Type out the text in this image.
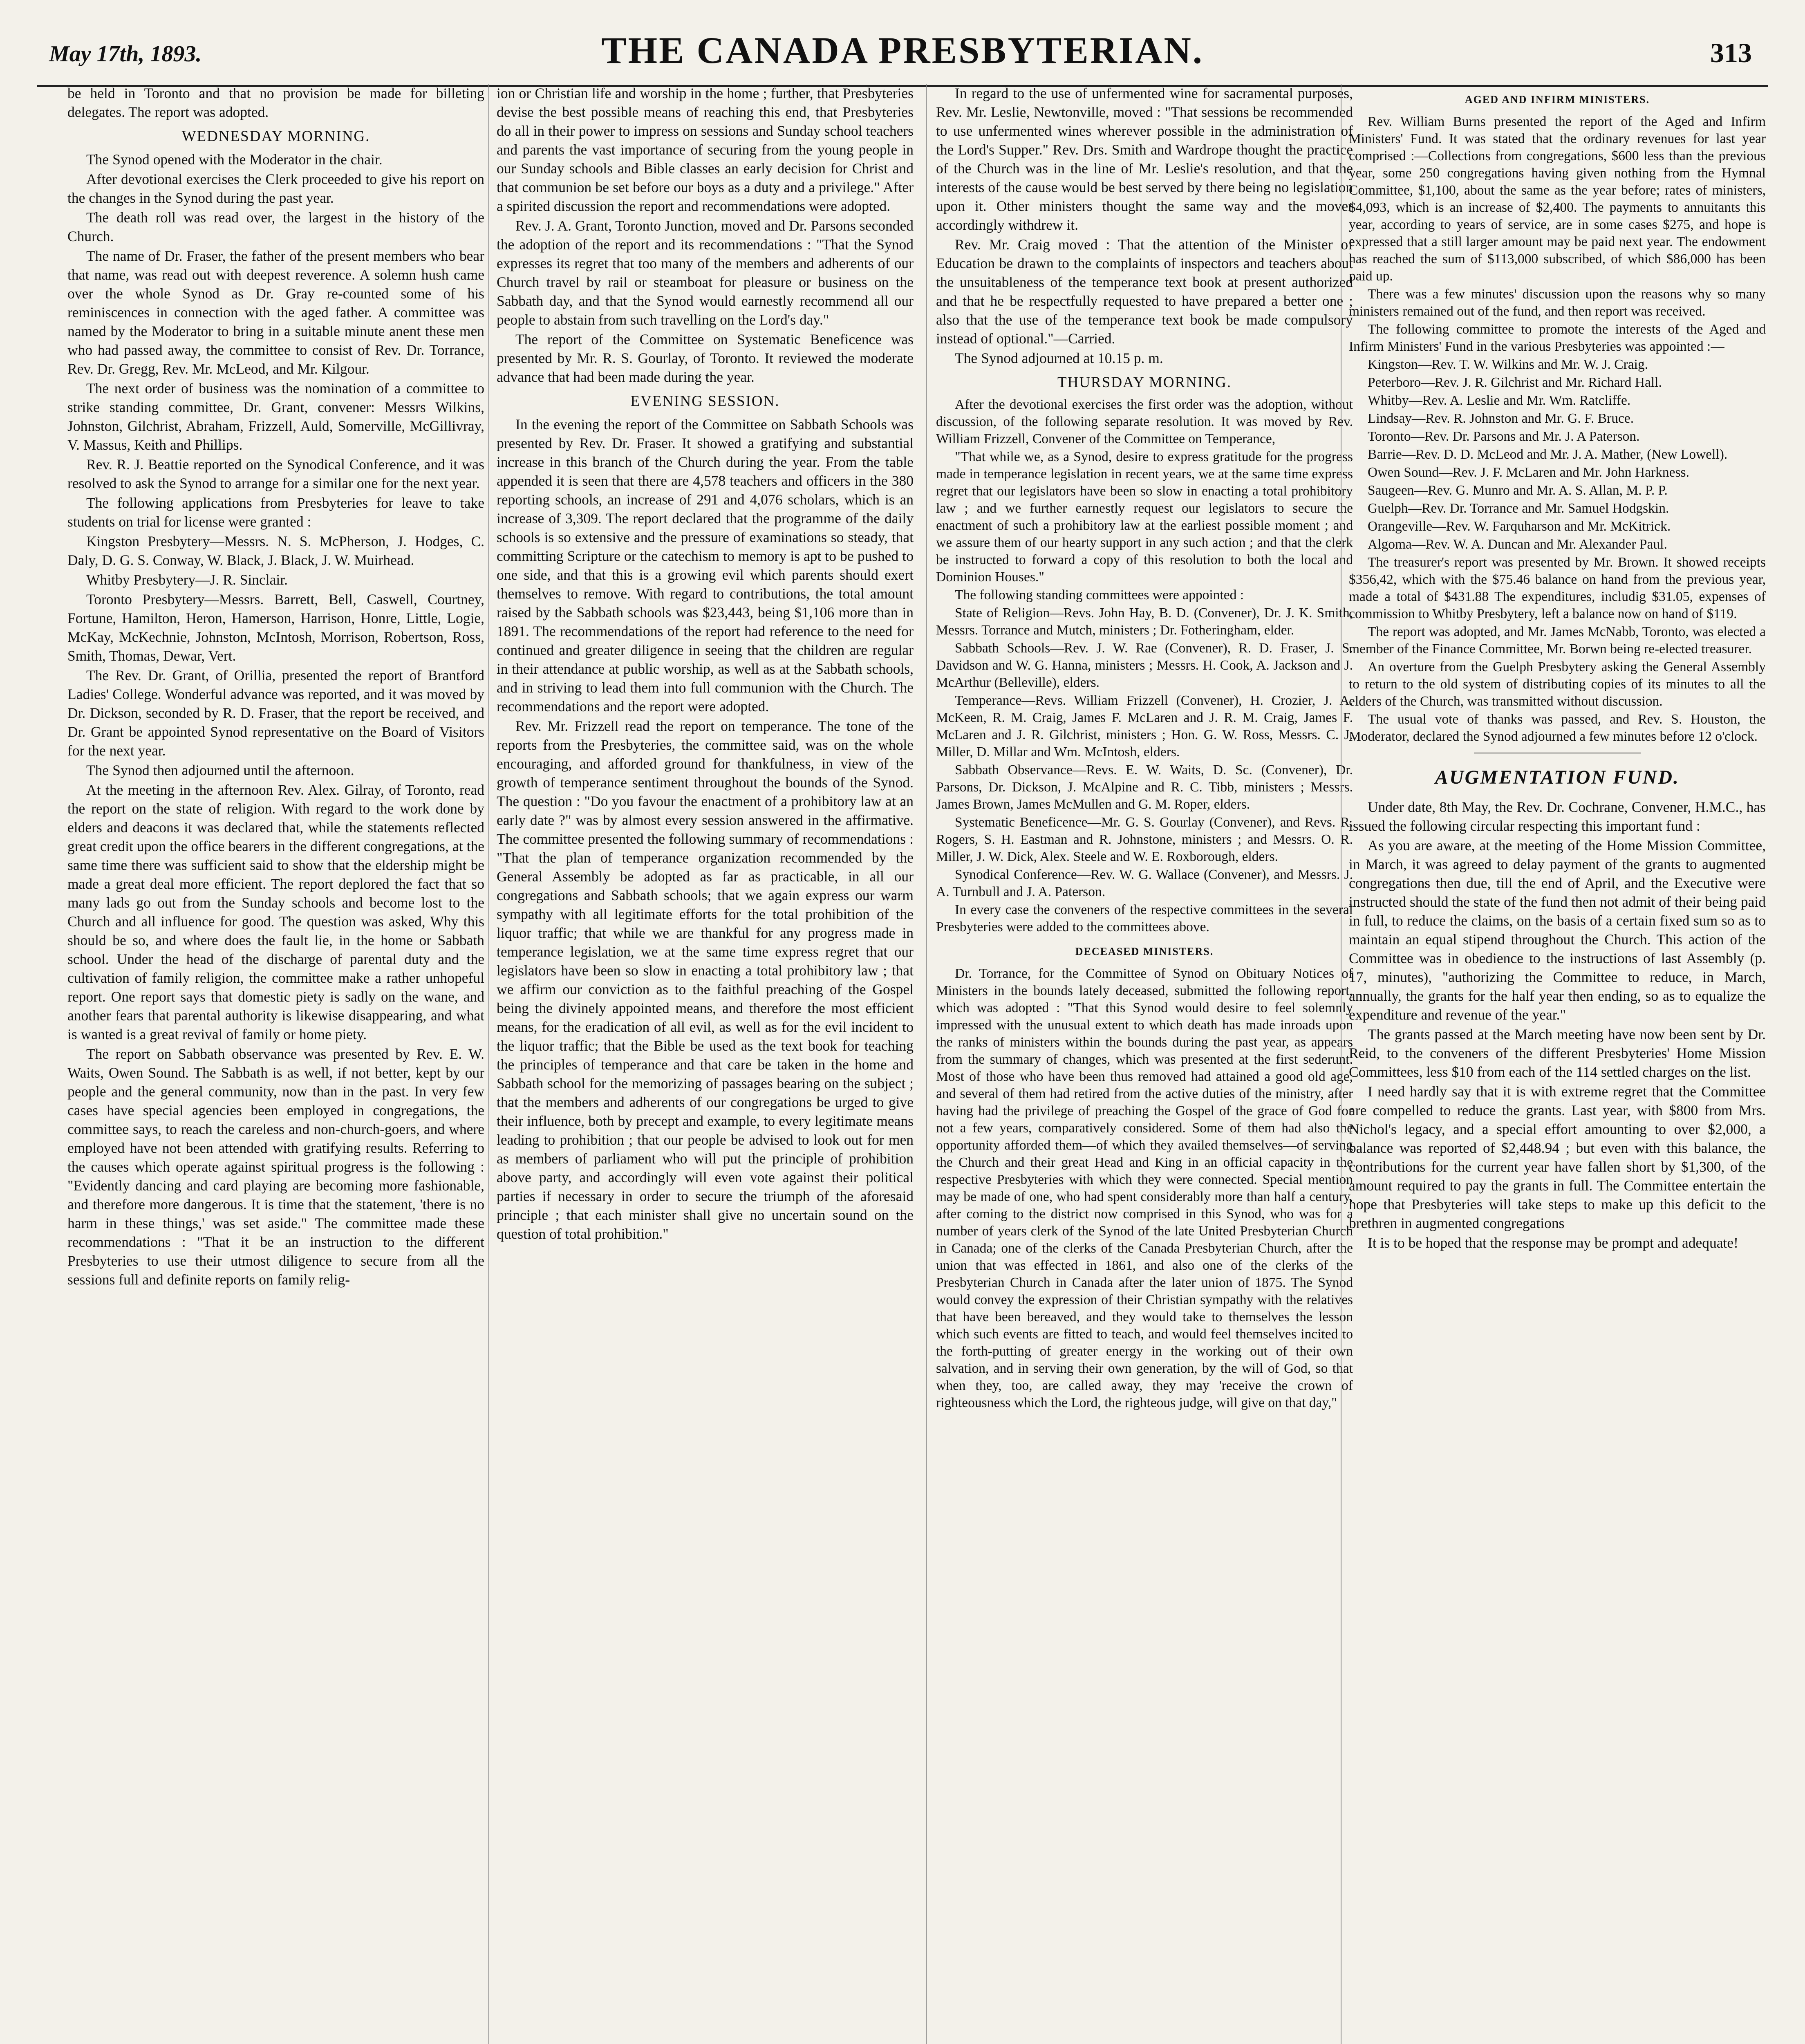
May 17th, 1893.	THE CANADA PRESBYTERIAN.	313

be held in Toronto and that no provision be made for billeting delegates. The report was adopted.

WEDNESDAY MORNING.

The Synod opened with the Moderator in the chair.

After devotional exercises the Clerk proceeded to give his report on the changes in the Synod during the past year.

The death roll was read over, the largest in the history of the Church.

The name of Dr. Fraser, the father of the present members who bear that name, was read out with deepest reverence. A solemn hush came over the whole Synod as Dr. Gray re-counted some of his reminiscences in connection with the aged father. A committee was named by the Moderator to bring in a suitable minute anent these men who had passed away, the committee to consist of Rev. Dr. Torrance, Rev. Dr. Gregg, Rev. Mr. McLeod, and Mr. Kilgour.

The next order of business was the nomination of a committee to strike standing committee, Dr. Grant, convener: Messrs Wilkins, Johnston, Gilchrist, Abraham, Frizzell, Auld, Somerville, McGillivray, V. Massus, Keith and Phillips.

Rev. R. J. Beattie reported on the Synodical Conference, and it was resolved to ask the Synod to arrange for a similar one for the next year.

The following applications from Presbyteries for leave to take students on trial for license were granted :

Kingston Presbytery—Messrs. N. S. McPherson, J. Hodges, C. Daly, D. G. S. Conway, W. Black, J. Black, J. W. Muirhead.

Whitby Presbytery—J. R. Sinclair.

Toronto Presbytery—Messrs. Barrett, Bell, Caswell, Courtney, Fortune, Hamilton, Heron, Hamerson, Harrison, Honre, Little, Logie, McKay, McKechnie, Johnston, McIntosh, Morrison, Robertson, Ross, Smith, Thomas, Dewar, Vert.

The Rev. Dr. Grant, of Orillia, presented the report of Brantford Ladies' College. Wonderful advance was reported, and it was moved by Dr. Dickson, seconded by R. D. Fraser, that the report be received, and Dr. Grant be appointed Synod representative on the Board of Visitors for the next year.

The Synod then adjourned until the afternoon.

At the meeting in the afternoon Rev. Alex. Gilray, of Toronto, read the report on the state of religion. With regard to the work done by elders and deacons it was declared that, while the statements reflected great credit upon the office bearers in the different congregations, at the same time there was sufficient said to show that the eldership might be made a great deal more efficient. The report deplored the fact that so many lads go out from the Sunday schools and become lost to the Church and all influence for good. The question was asked, Why this should be so, and where does the fault lie, in the home or Sabbath school. Under the head of the discharge of parental duty and the cultivation of family religion, the committee make a rather unhopeful report. One report says that domestic piety is sadly on the wane, and another fears that parental authority is likewise disappearing, and what is wanted is a great revival of family or home piety.

The report on Sabbath observance was presented by Rev. E. W. Waits, Owen Sound. The Sabbath is as well, if not better, kept by our people and the general community, now than in the past. In very few cases have special agencies been employed in congregations, the committee says, to reach the careless and non-church-goers, and where employed have not been attended with gratifying results. Referring to the causes which operate against spiritual progress is the following : "Evidently dancing and card playing are becoming more fashionable, and therefore more dangerous. It is time that the statement, 'there is no harm in these things,' was set aside." The committee made these recommendations : "That it be an instruction to the different Presbyteries to use their utmost diligence to secure from all the sessions full and definite reports on family relig-

ion or Christian life and worship in the home ; further, that Presbyteries devise the best possible means of reaching this end, that Presbyteries do all in their power to impress on sessions and Sunday school teachers and parents the vast importance of securing from the young people in our Sunday schools and Bible classes an early decision for Christ and that communion be set before our boys as a duty and a privilege." After a spirited discussion the report and recommendations were adopted.

Rev. J. A. Grant, Toronto Junction, moved and Dr. Parsons seconded the adoption of the report and its recommendations : "That the Synod expresses its regret that too many of the members and adherents of our Church travel by rail or steamboat for pleasure or business on the Sabbath day, and that the Synod would earnestly recommend all our people to abstain from such travelling on the Lord's day."

The report of the Committee on Systematic Beneficence was presented by Mr. R. S. Gourlay, of Toronto. It reviewed the moderate advance that had been made during the year.

EVENING SESSION.

In the evening the report of the Committee on Sabbath Schools was presented by Rev. Dr. Fraser. It showed a gratifying and substantial increase in this branch of the Church during the year. From the table appended it is seen that there are 4,578 teachers and officers in the 380 reporting schools, an increase of 291 and 4,076 scholars, which is an increase of 3,309. The report declared that the programme of the daily schools is so extensive and the pressure of examinations so steady, that committing Scripture or the catechism to memory is apt to be pushed to one side, and that this is a growing evil which parents should exert themselves to remove. With regard to contributions, the total amount raised by the Sabbath schools was $23,443, being $1,106 more than in 1891. The recommendations of the report had reference to the need for continued and greater diligence in seeing that the children are regular in their attendance at public worship, as well as at the Sabbath schools, and in striving to lead them into full communion with the Church. The recommendations and the report were adopted.

Rev. Mr. Frizzell read the report on temperance. The tone of the reports from the Presbyteries, the committee said, was on the whole encouraging, and afforded ground for thankfulness, in view of the growth of temperance sentiment throughout the bounds of the Synod. The question : "Do you favour the enactment of a prohibitory law at an early date ?" was by almost every session answered in the affirmative. The committee presented the following summary of recommendations : "That the plan of temperance organization recommended by the General Assembly be adopted as far as practicable, in all our congregations and Sabbath schools; that we again express our warm sympathy with all legitimate efforts for the total prohibition of the liquor traffic; that while we are thankful for any progress made in temperance legislation, we at the same time express regret that our legislators have been so slow in enacting a total prohibitory law ; that we affirm our conviction as to the faithful preaching of the Gospel being the divinely appointed means, and therefore the most efficient means, for the eradication of all evil, as well as for the evil incident to the liquor traffic; that the Bible be used as the text book for teaching the principles of temperance and that care be taken in the home and Sabbath school for the memorizing of passages bearing on the subject ; that the members and adherents of our congregations be urged to give their influence, both by precept and example, to every legitimate means leading to prohibition ; that our people be advised to look out for men as members of parliament who will put the principle of prohibition above party, and accordingly will even vote against their political parties if necessary in order to secure the triumph of the aforesaid principle ; that each minister shall give no uncertain sound on the question of total prohibition."

In regard to the use of unfermented wine for sacramental purposes, Rev. Mr. Leslie, Newtonville, moved : "That sessions be recommended to use unfermented wines wherever possible in the administration of the Lord's Supper." Rev. Drs. Smith and Wardrope thought the practice of the Church was in the line of Mr. Leslie's resolution, and that the interests of the cause would be best served by there being no legislation upon it. Other ministers thought the same way and the mover accordingly withdrew it.

Rev. Mr. Craig moved : That the attention of the Minister of Education be drawn to the complaints of inspectors and teachers about the unsuitableness of the temperance text book at present authorized and that he be respectfully requested to have prepared a better one ; also that the use of the temperance text book be made compulsory instead of optional."—Carried.

The Synod adjourned at 10.15 p. m.

THURSDAY MORNING.

After the devotional exercises the first order was the adoption, without discussion, of the following separate resolution. It was moved by Rev. William Frizzell, Convener of the Committee on Temperance,

"That while we, as a Synod, desire to express gratitude for the progress made in temperance legislation in recent years, we at the same time express regret that our legislators have been so slow in enacting a total prohibitory law ; and we further earnestly request our legislators to secure the enactment of such a prohibitory law at the earliest possible moment ; and we assure them of our hearty support in any such action ; and that the clerk be instructed to forward a copy of this resolution to both the local and Dominion Houses."

The following standing committees were appointed :

State of Religion—Revs. John Hay, B. D. (Convener), Dr. J. K. Smith, Messrs. Torrance and Mutch, ministers ; Dr. Fotheringham, elder.

Sabbath Schools—Rev. J. W. Rae (Convener), R. D. Fraser, J. S. Davidson and W. G. Hanna, ministers ; Messrs. H. Cook, A. Jackson and J. McArthur (Belleville), elders.

Temperance—Revs. William Frizzell (Convener), H. Crozier, J. A. McKeen, R. M. Craig, James F. McLaren and J. R. M. Craig, James F. McLaren and J. R. Gilchrist, ministers ; Hon. G. W. Ross, Messrs. C. J. Miller, D. Millar and Wm. McIntosh, elders.

Sabbath Observance—Revs. E. W. Waits, D. Sc. (Convener), Dr. Parsons, Dr. Dickson, J. McAlpine and R. C. Tibb, ministers ; Messrs. James Brown, James McMullen and G. M. Roper, elders.

Systematic Beneficence—Mr. G. S. Gourlay (Convener), and Revs. R. Rogers, S. H. Eastman and R. Johnstone, ministers ; and Messrs. O. R. Miller, J. W. Dick, Alex. Steele and W. E. Roxborough, elders.

Synodical Conference—Rev. W. G. Wallace (Convener), and Messrs. J. A. Turnbull and J. A. Paterson.

In every case the conveners of the respective committees in the several Presbyteries were added to the committees above.

DECEASED MINISTERS.

Dr. Torrance, for the Committee of Synod on Obituary Notices of Ministers in the bounds lately deceased, submitted the following report, which was adopted : "That this Synod would desire to feel solemnly impressed with the unusual extent to which death has made inroads upon the ranks of ministers within the bounds during the past year, as appears from the summary of changes, which was presented at the first sederunt. Most of those who have been thus removed had attained a good old age, and several of them had retired from the active duties of the ministry, after having had the privilege of preaching the Gospel of the grace of God for not a few years, comparatively considered. Some of them had also the opportunity afforded them—of which they availed themselves—of serving the Church and their great Head and King in an official capacity in the respective Presbyteries with which they were connected. Special mention may be made of one, who had spent considerably more than half a century, after coming to the district now comprised in this Synod, who was for a number of years clerk of the Synod of the late United Presbyterian Church in Canada; one of the clerks of the Canada Presbyterian Church, after the union that was effected in 1861, and also one of the clerks of the Presbyterian Church in Canada after the later union of 1875. The Synod would convey the expression of their Christian sympathy with the relatives that have been bereaved, and they would take to themselves the lesson which such events are fitted to teach, and would feel themselves incited to the forth-putting of greater energy in the working out of their own salvation, and in serving their own generation, by the will of God, so that when they, too, are called away, they may 'receive the crown of righteousness which the Lord, the righteous judge, will give on that day,"

AGED AND INFIRM MINISTERS.

Rev. William Burns presented the report of the Aged and Infirm Ministers' Fund. It was stated that the ordinary revenues for last year comprised :—Collections from congregations, $600 less than the previous year, some 250 congregations having given nothing from the Hymnal Committee, $1,100, about the same as the year before; rates of ministers, $4,093, which is an increase of $2,400. The payments to annuitants this year, according to years of service, are in some cases $275, and hope is expressed that a still larger amount may be paid next year. The endowment has reached the sum of $113,000 subscribed, of which $86,000 has been paid up.

There was a few minutes' discussion upon the reasons why so many ministers remained out of the fund, and then report was received.

The following committee to promote the interests of the Aged and Infirm Ministers' Fund in the various Presbyteries was appointed :—

Kingston—Rev. T. W. Wilkins and Mr. W. J. Craig.

Peterboro—Rev. J. R. Gilchrist and Mr. Richard Hall.

Whitby—Rev. A. Leslie and Mr. Wm. Ratcliffe.

Lindsay—Rev. R. Johnston and Mr. G. F. Bruce.

Toronto—Rev. Dr. Parsons and Mr. J. A Paterson.

Barrie—Rev. D. D. McLeod and Mr. J. A. Mather, (New Lowell).

Owen Sound—Rev. J. F. McLaren and Mr. John Harkness.

Saugeen—Rev. G. Munro and Mr. A. S. Allan, M. P. P.

Guelph—Rev. Dr. Torrance and Mr. Samuel Hodgskin.

Orangeville—Rev. W. Farquharson and Mr. McKitrick.

Algoma—Rev. W. A. Duncan and Mr. Alexander Paul.

The treasurer's report was presented by Mr. Brown. It showed receipts $356,42, which with the $75.46 balance on hand from the previous year, made a total of $431.88 The expenditures, includig $31.05, expenses of commission to Whitby Presbytery, left a balance now on hand of $119.

The report was adopted, and Mr. James McNabb, Toronto, was elected a member of the Finance Committee, Mr. Borwn being re-elected treasurer.

An overture from the Guelph Presbytery asking the General Assembly to return to the old system of distributing copies of its minutes to all the elders of the Church, was transmitted without discussion.

The usual vote of thanks was passed, and Rev. S. Houston, the Moderator, declared the Synod adjourned a few minutes before 12 o'clock.

AUGMENTATION FUND.

Under date, 8th May, the Rev. Dr. Cochrane, Convener, H.M.C., has issued the following circular respecting this important fund :

As you are aware, at the meeting of the Home Mission Committee, in March, it was agreed to delay payment of the grants to augmented congregations then due, till the end of April, and the Executive were instructed should the state of the fund then not admit of their being paid in full, to reduce the claims, on the basis of a certain fixed sum so as to maintain an equal stipend throughout the Church. This action of the Committee was in obedience to the instructions of last Assembly (p. 17, minutes), "authorizing the Committee to reduce, in March, annually, the grants for the half year then ending, so as to equalize the expenditure and revenue of the year."

The grants passed at the March meeting have now been sent by Dr. Reid, to the conveners of the different Presbyteries' Home Mission Committees, less $10 from each of the 114 settled charges on the list.

I need hardly say that it is with extreme regret that the Committee are compelled to reduce the grants. Last year, with $800 from Mrs. Nichol's legacy, and a special effort amounting to over $2,000, a balance was reported of $2,448.94 ; but even with this balance, the contributions for the current year have fallen short by $1,300, of the amount required to pay the grants in full. The Committee entertain the hope that Presbyteries will take steps to make up this deficit to the brethren in augmented congregations

It is to be hoped that the response may be prompt and adequate!
